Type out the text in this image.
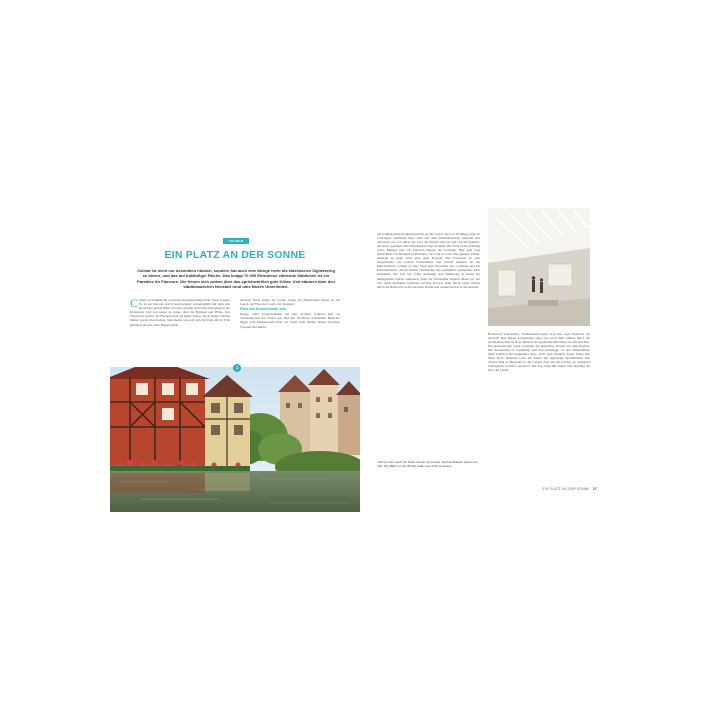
COLMAR
EIN PLATZ AN DER SONNE
Colmar ist nicht nur besonders hübsch, sondern hat auch eine Menge mehr als klassisches Sightseeing zu bieten, und das auf fußläufiger Fläche. Das knapp 70 000 Einwohner zählende Städtchen ist ein Paradies für Flaneure. Die freuen sich zudem über das sprichwörtlich gute Klima. Und staunen über den städtebaulichen Neustart rund ums Musée Unterlinden.

Colmar ist berühmt für besonders liebenswürdige bunte Stadt-Gassen. Es ist ein heiterer, leicht beschwingter Lebensgefühl mit dem sich Besuchern gleich öffnet. Es gibt ohnehin nicht viel Aufregung in der Kleinstadt. Geh von Gasse zu Gasse, über die Brücken und Plätze. Das Viertel der Gerber, die Fischerei und die Petite Venise, die in ihrem Charme immer wieder überraschen. Man merkt, wie sehr sich die Stadt um ihr Erbe kümmert und die alten Häuser erhält.

Altstadt. Auch einige der besten Lagen der Hauptstraße liegen an der Lauch, am Fluss der Lauch, der Zentrum.

Park die Sonnenseite aus

Knapp 1400 Sonnenstunden im Jahr machen Colmars Ruf als Sonnenterrasse des Elsass aus. Bei den Nachbarn schwärmen Besucher längst vom mediterranen Flair der Stadt, dem milden Klima zwischen Vogesen und Rhein.

1

die stabilisierende Kalksteinschicht an der Lauch, die von Straßburg ganz zu schwingen. Seitliches Ried steht seit dem mittelalterlichen Zentrum und Terrassen wie von selbst ein. Und die Nächte sind lau und voll im Sommer, die Gäste genießen zum Abendessen lange draußen. Die Stadt ist im Frühling voller Blumen und von Fenstern hängen die Geranien. Hier geht man gemächlich von Brunnen zu Brunnen, von Café zu Café. Wer genauer schaut, entdeckt an jeder Ecke eine neue Fassade. Das Fachwerk ist eine Augenweide, die bunten Fensterläden und Giebel erinnern an ein Märchenbuch. Colmar ist eine Stadt zum Verweilen, für Gourmets und für Kunstliebhaber, die im Musée Unterlinden den berühmten Isenheimer Altar bestaunen. Wer Zeit hat, sollte unbedingt eine Weinprobe in einem der umliegenden Dörfer einplanen, denn die Weinstraße beginnt direkt vor der Tür. Auch Radfahrer kommen auf ihre Kosten, denn flache Wege führen durch die Reben bis in die nächsten Dörfer und wieder zurück in die Altstadt.

1 Bunt in der Lauch der Petite Venise von Colmar, Fachwerkhäuser stehen am Ufer. Den Blick von der Brücke sollte man nicht verpassen.

Boulevard Saint-Pierre. Stadtmuseum bietet sich eine erste Eindruck der Altstadt. Das Musée Unterlinden zeigt sich nach dem Umbau durch die Architekten Herzog & de Meuron als spannende Mischung aus Alt und Neu. Ein unterirdischer Gang verbindet das ehemalige Kloster mit dem Neubau. Die Ausstellung ist weitläufig, hell und großzügig. Zu den Höhepunkten zählt natürlich der Isenheimer Altar, doch auch moderne Kunst findet hier ihren Platz. Nebenan lockt der Markt mit regionalen Spezialitäten. Am Abend zieht es Besucher in die Gassen rund um die Kirche, wo Winstubs traditionelle Gerichte servieren. Der Tag endet mit einem Glas Riesling am Ufer der Lauch.

EIN PLATZ AN DER SONNE 27
